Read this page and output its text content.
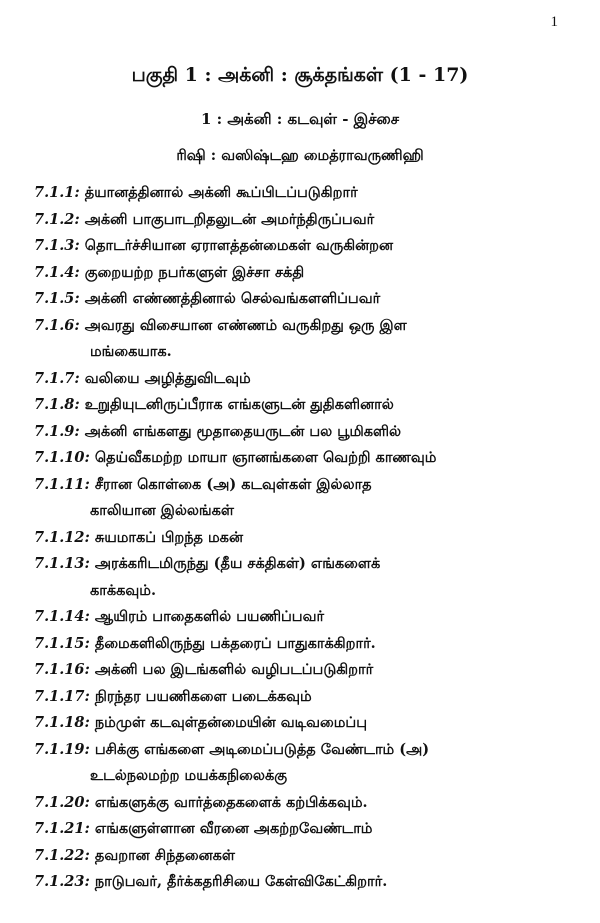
1
பகுதி 1 : அக்னி : சூக்தங்கள் (1 - 17)
1 : அக்னி : கடவுள் - இச்சை
ரிஷி : வஸிஷ்டஹ மைத்ராவருணிஹி
7.1.1: த்யானத்தினால் அக்னி கூப்பிடப்படுகிறார்
7.1.2: அக்னி பாகுபாடறிதலுடன் அமர்ந்திருப்பவர்
7.1.3: தொடர்ச்சியான ஏராளத்தன்மைகள் வருகின்றன
7.1.4: குறையற்ற நபர்களுள் இச்சா சக்தி
7.1.5: அக்னி எண்ணத்தினால் செல்வங்களளிப்பவர்
7.1.6: அவரது விசையான எண்ணம் வருகிறது ஒரு இள
மங்கையாக.
7.1.7: வலியை அழித்துவிடவும்
7.1.8: உறுதியுடனிருப்பீராக எங்களுடன் துதிகளினால்
7.1.9: அக்னி எங்களது மூதாதையருடன் பல பூமிகளில்
7.1.10: தெய்வீகமற்ற மாயா ஞானங்களை வெற்றி காணவும்
7.1.11: சீரான கொள்கை (அ) கடவுள்கள் இல்லாத
காலியான இல்லங்கள்
7.1.12: சுயமாகப் பிறந்த மகன்
7.1.13: அரக்கரிடமிருந்து (தீய சக்திகள்) எங்களைக்
காக்கவும்.
7.1.14: ஆயிரம் பாதைகளில் பயணிப்பவர்
7.1.15: தீமைகளிலிருந்து பக்தரைப் பாதுகாக்கிறார்.
7.1.16: அக்னி பல இடங்களில் வழிபடப்படுகிறார்
7.1.17: நிரந்தர பயணிகளை படைக்கவும்
7.1.18: நம்முள் கடவுள்தன்மையின் வடிவமைப்பு
7.1.19: பசிக்கு எங்களை அடிமைப்படுத்த வேண்டாம் (அ)
உடல்நலமற்ற மயக்கநிலைக்கு
7.1.20: எங்களுக்கு வார்த்தைகளைக் கற்பிக்கவும்.
7.1.21: எங்களுள்ளான வீரனை அகற்றவேண்டாம்
7.1.22: தவறான சிந்தனைகள்
7.1.23: நாடுபவர், தீர்க்கதரிசியை கேள்விகேட்கிறார்.
